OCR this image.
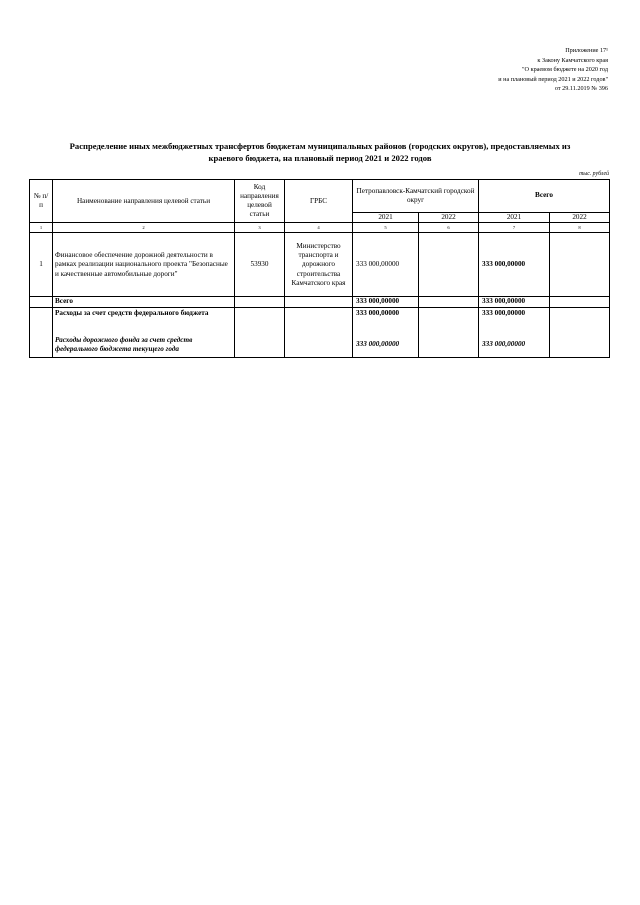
Приложение 17¹
к Закону Камчатского края
"О краевом бюджете на 2020 год
и на плановый период 2021 и 2022 годов"
от 29.11.2019 № 396
Распределение иных межбюджетных трансфертов бюджетам муниципальных районов (городских округов), предоставляемых из
краевого бюджета, на плановый период 2021 и 2022 годов
тыс. рублей
№ п/п	Наименование направления целевой статьи	Код направления целевой статьи	ГРБС	Петропавловск-Камчатский городской округ		Всего	

				2021	2022	2021	2022
1	2	3	4	5	6	7	8
1	Финансовое обеспечение дорожной деятельности в рамках реализации национального проекта "Безопасные и качественные автомобильные дороги"	53930	Министерство транспорта и дорожного строительства Камчатского края	333 000,00000		333 000,00000	
	Всего			333 000,00000		333 000,00000	
	Расходы за счет средств федерального бюджета			333 000,00000		333 000,00000	
	Расходы дорожного фонда за счет средств федерального бюджета текущего года			333 000,00000		333 000,00000	
